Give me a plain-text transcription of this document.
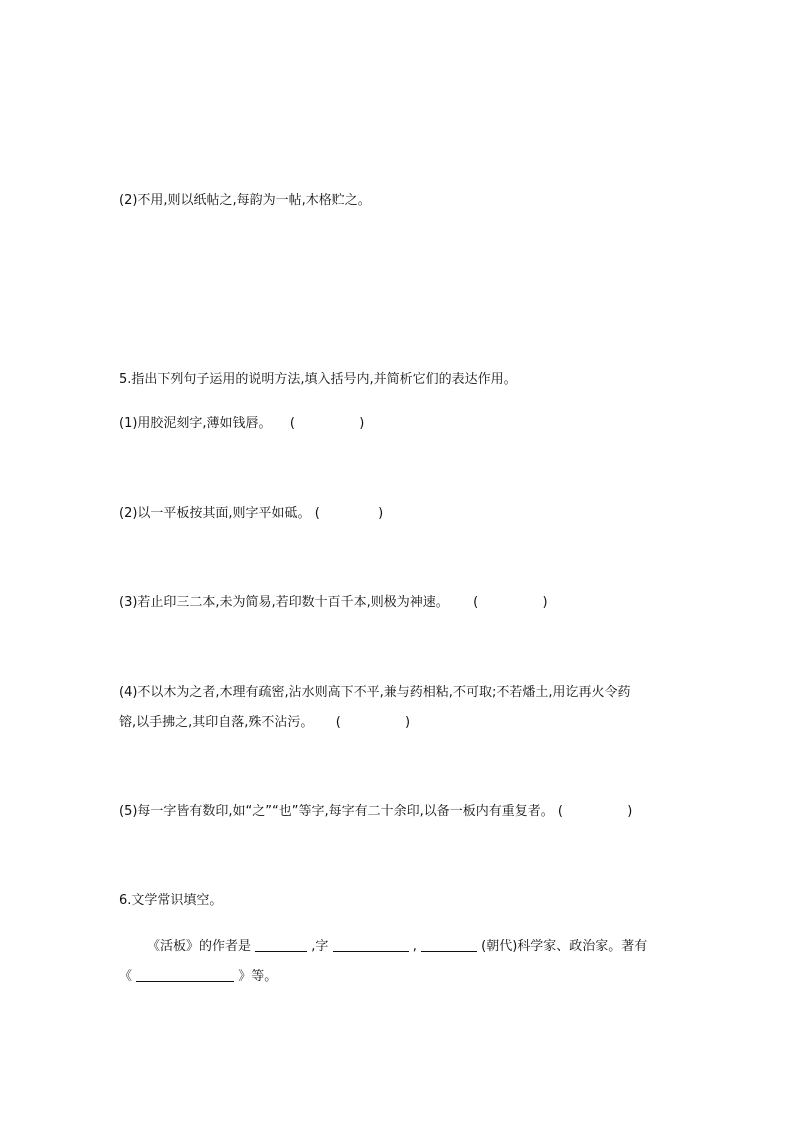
(2)不用,则以纸帖之,每韵为一帖,木格贮之。
5.指出下列句子运用的说明方法,填入括号内,并简析它们的表达作用。
(1)用胶泥刻字,薄如钱唇。 (	)
(2)以一平板按其面,则字平如砥。 (	)
(3)若止印三二本,未为简易,若印数十百千本,则极为神速。 (	)
(4)不以木为之者,木理有疏密,沾水则高下不平,兼与药相粘,不可取;不若燔土,用讫再火令药
镕,以手拂之,其印自落,殊不沾污。 (	)
(5)每一字皆有数印,如“之”“也”等字,每字有二十余印,以备一板内有重复者。 (	)
6.文学常识填空。
《活板》的作者是	,字	,	(朝代)科学家、政治家。著有
《	》等。
